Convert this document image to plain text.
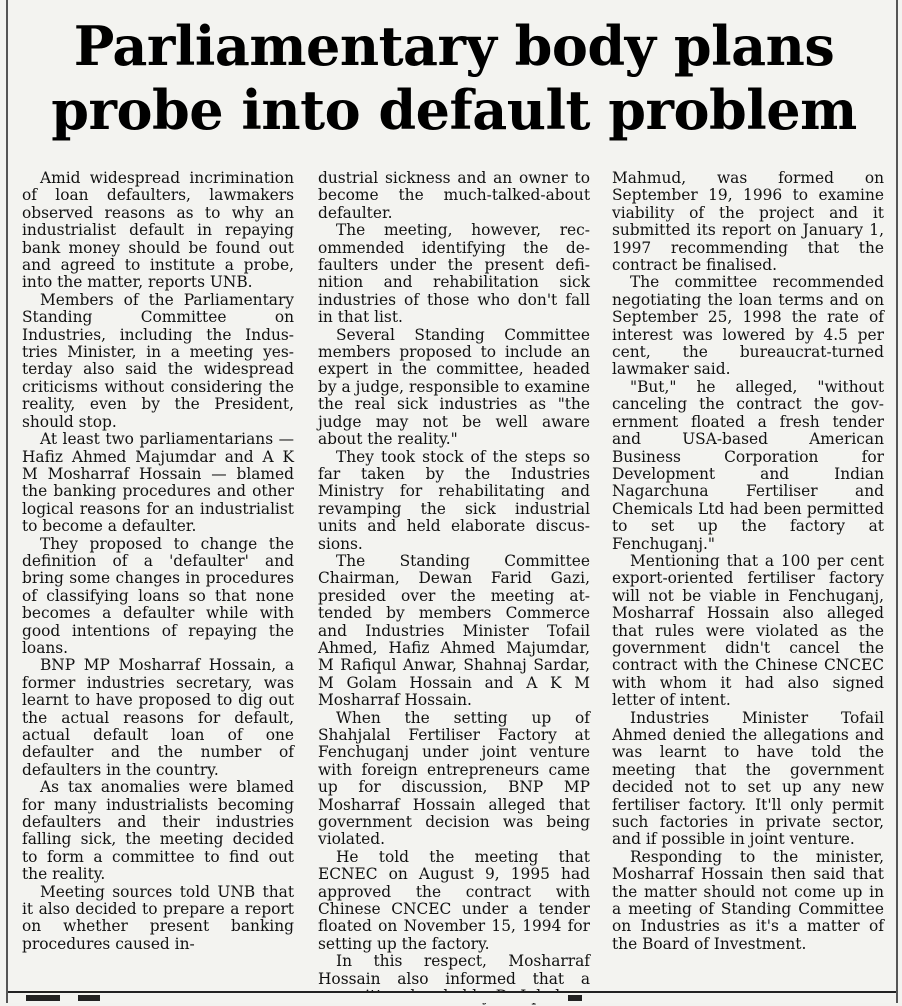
Parliamentary body plans
probe into default problem

Amid widespread incrimination of loan defaulters, lawmakers observed reasons as to why an industrialist default in repaying bank money should be found out and agreed to institute a probe, into the matter, reports UNB.

Members of the Parliamentary Standing Committee on Industries, including the Industries Minister, in a meeting yesterday also said the widespread criticisms without considering the reality, even by the President, should stop.

At least two parliamentarians — Hafiz Ahmed Majumdar and A K M Mosharraf Hossain — blamed the banking procedures and other logical reasons for an industrialist to become a defaulter.

They proposed to change the definition of a 'defaulter' and bring some changes in procedures of classifying loans so that none becomes a defaulter while with good intentions of repaying the loans.

BNP MP Mosharraf Hossain, a former industries secretary, was learnt to have proposed to dig out the actual reasons for default, actual default loan of one defaulter and the number of defaulters in the country.

As tax anomalies were blamed for many industrialists becoming defaulters and their industries falling sick, the meeting decided to form a committee to find out the reality.

Meeting sources told UNB that it also decided to prepare a report on whether present banking procedures caused in-

dustrial sickness and an owner to become the much-talked-about defaulter.

The meeting, however, recommended identifying the defaulters under the present definition and rehabilitation sick industries of those who don't fall in that list.

Several Standing Committee members proposed to include an expert in the committee, headed by a judge, responsible to examine the real sick industries as "the judge may not be well aware about the reality."

They took stock of the steps so far taken by the Industries Ministry for rehabilitating and revamping the sick industrial units and held elaborate discussions.

The Standing Committee Chairman, Dewan Farid Gazi, presided over the meeting attended by members Commerce and Industries Minister Tofail Ahmed, Hafiz Ahmed Majumdar, M Rafiqul Anwar, Shahnaj Sardar, M Golam Hossain and A K M Mosharraf Hossain.

When the setting up of Shahjalal Fertiliser Factory at Fenchuganj under joint venture with foreign entrepreneurs came up for discussion, BNP MP Mosharraf Hossain alleged that government decision was being violated.

He told the meeting that ECNEC on August 9, 1995 had approved the contract with Chinese CNCEC under a tender floated on November 15, 1994 for setting up the factory.

In this respect, Mosharraf Hossain also informed that a

Mahmud, was formed on September 19, 1996 to examine viability of the project and it submitted its report on January 1, 1997 recommending that the contract be finalised.

The committee recommended negotiating the loan terms and on September 25, 1998 the rate of interest was lowered by 4.5 per cent, the bureaucrat-turned lawmaker said.

"But," he alleged, "without canceling the contract the government floated a fresh tender and USA-based American Business Corporation for Development and Indian Nagarchuna Fertiliser and Chemicals Ltd had been permitted to set up the factory at Fenchuganj."

Mentioning that a 100 per cent export-oriented fertiliser factory will not be viable in Fenchuganj, Mosharraf Hossain also alleged that rules were violated as the government didn't cancel the contract with the Chinese CNCEC with whom it had also signed letter of intent.

Industries Minister Tofail Ahmed denied the allegations and was learnt to have told the meeting that the government decided not to set up any new fertiliser factory. It'll only permit such factories in private sector, and if possible in joint venture.

Responding to the minister, Mosharraf Hossain then said that the matter should not come up in a meeting of Standing Committee on Industries as it's a matter of the Board of Investment.
